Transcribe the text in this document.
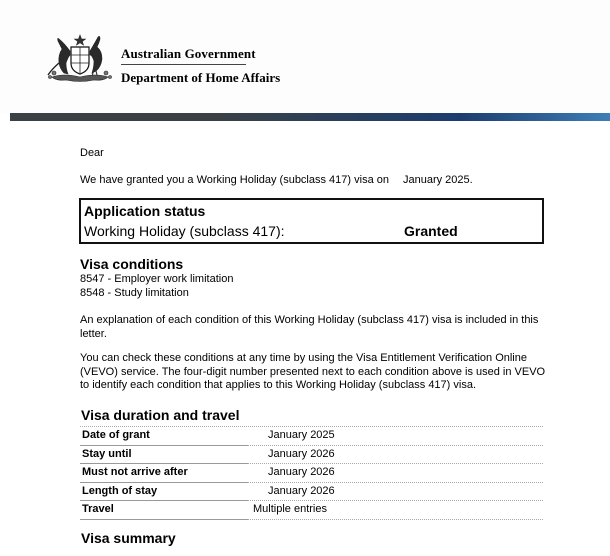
Australian Government
Department of Home Affairs
Dear
We have granted you a Working Holiday (subclass 417) visa on January 2025.
Application status
Working Holiday (subclass 417):	Granted
Visa conditions
8547 - Employer work limitation
8548 - Study limitation
An explanation of each condition of this Working Holiday (subclass 417) visa is included in this letter.
You can check these conditions at any time by using the Visa Entitlement Verification Online (VEVO) service. The four-digit number presented next to each condition above is used in VEVO to identify each condition that applies to this Working Holiday (subclass 417) visa.
Visa duration and travel
Date of grant	January 2025
Stay until	January 2026
Must not arrive after	January 2026
Length of stay	January 2026
Travel	Multiple entries
Visa summary
